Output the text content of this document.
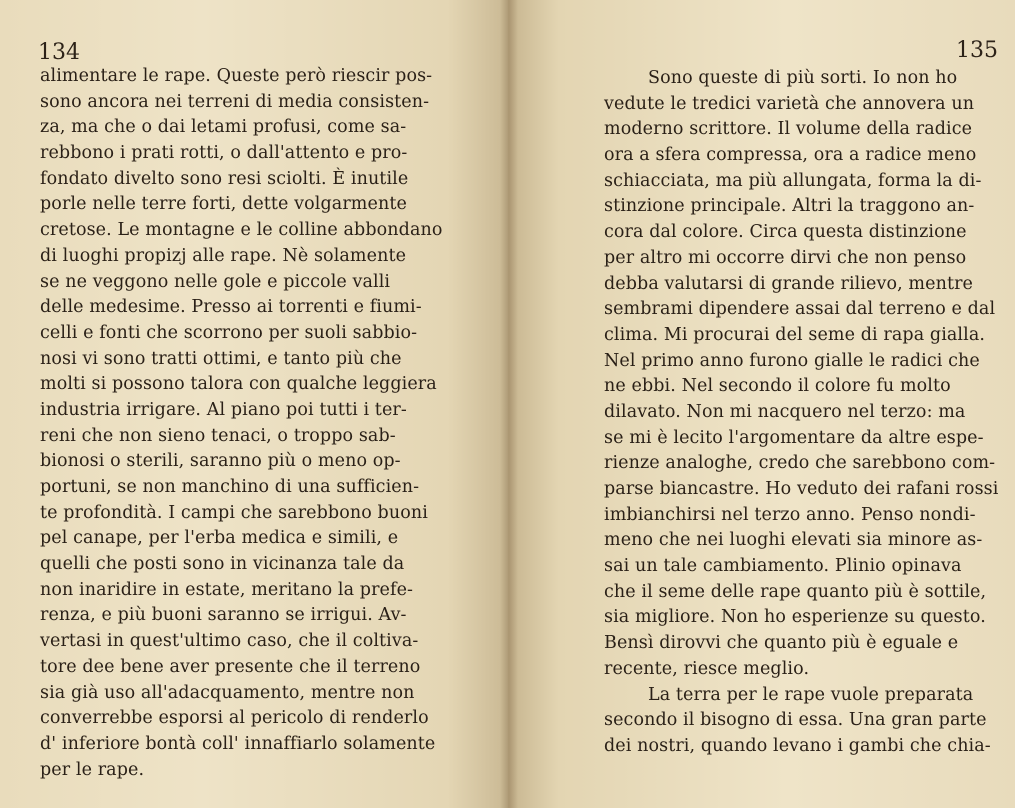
134
alimentare le rape. Queste però riescir pos-
sono ancora nei terreni di media consisten-
za, ma che o dai letami profusi, come sa-
rebbono i prati rotti, o dall'attento e pro-
fondato divelto sono resi sciolti. È inutile
porle nelle terre forti, dette volgarmente
cretose. Le montagne e le colline abbondano
di luoghi propizj alle rape. Nè solamente
se ne veggono nelle gole e piccole valli
delle medesime. Presso ai torrenti e fiumi-
celli e fonti che scorrono per suoli sabbio-
nosi vi sono tratti ottimi, e tanto più che
molti si possono talora con qualche leggiera
industria irrigare. Al piano poi tutti i ter-
reni che non sieno tenaci, o troppo sab-
bionosi o sterili, saranno più o meno op-
portuni, se non manchino di una sufficien-
te profondità. I campi che sarebbono buoni
pel canape, per l'erba medica e simili, e
quelli che posti sono in vicinanza tale da
non inaridire in estate, meritano la prefe-
renza, e più buoni saranno se irrigui. Av-
vertasi in quest'ultimo caso, che il coltiva-
tore dee bene aver presente che il terreno
sia già uso all'adacquamento, mentre non
converrebbe esporsi al pericolo di renderlo
d' inferiore bontà coll' innaffiarlo solamente
per le rape.
135
Sono queste di più sorti. Io non ho
vedute le tredici varietà che annovera un
moderno scrittore. Il volume della radice
ora a sfera compressa, ora a radice meno
schiacciata, ma più allungata, forma la di-
stinzione principale. Altri la traggono an-
cora dal colore. Circa questa distinzione
per altro mi occorre dirvi che non penso
debba valutarsi di grande rilievo, mentre
sembrami dipendere assai dal terreno e dal
clima. Mi procurai del seme di rapa gialla.
Nel primo anno furono gialle le radici che
ne ebbi. Nel secondo il colore fu molto
dilavato. Non mi nacquero nel terzo: ma
se mi è lecito l'argomentare da altre espe-
rienze analoghe, credo che sarebbono com-
parse biancastre. Ho veduto dei rafani rossi
imbianchirsi nel terzo anno. Penso nondi-
meno che nei luoghi elevati sia minore as-
sai un tale cambiamento. Plinio opinava
che il seme delle rape quanto più è sottile,
sia migliore. Non ho esperienze su questo.
Bensì dirovvi che quanto più è eguale e
recente, riesce meglio.
La terra per le rape vuole preparata
secondo il bisogno di essa. Una gran parte
dei nostri, quando levano i gambi che chia-
